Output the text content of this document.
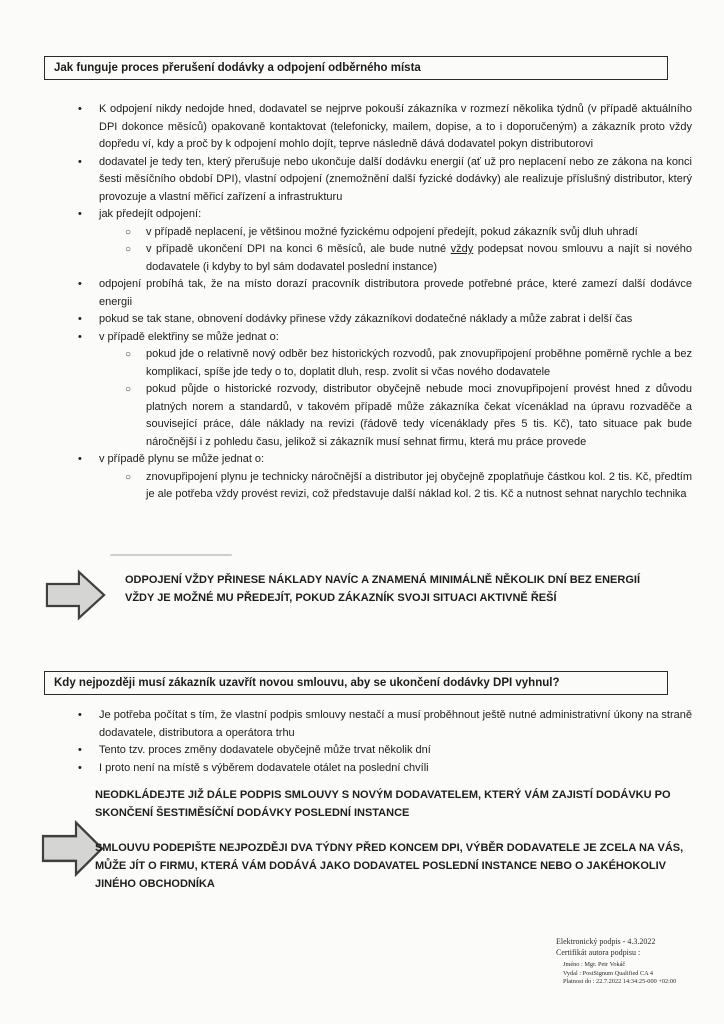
Jak funguje proces přerušení dodávky a odpojení odběrného místa
•	K odpojení nikdy nedojde hned, dodavatel se nejprve pokouší zákazníka v rozmezí několika týdnů (v případě aktuálního DPI dokonce měsíců) opakovaně kontaktovat (telefonicky, mailem, dopise, a to i doporučeným) a zákazník proto vždy dopředu ví, kdy a proč by k odpojení mohlo dojít, teprve následně dává dodavatel pokyn distributorovi
•	dodavatel je tedy ten, který přerušuje nebo ukončuje další dodávku energií (ať už pro neplacení nebo ze zákona na konci šesti měsíčního období DPI), vlastní odpojení (znemožnění další fyzické dodávky) ale realizuje příslušný distributor, který provozuje a vlastní měřicí zařízení a infrastrukturu
•	jak předejít odpojení:
○	v případě neplacení, je většinou možné fyzickému odpojení předejít, pokud zákazník svůj dluh uhradí
○	v případě ukončení DPI na konci 6 měsíců, ale bude nutné vždy podepsat novou smlouvu a najít si nového dodavatele (i kdyby to byl sám dodavatel poslední instance)
•	odpojení probíhá tak, že na místo dorazí pracovník distributora provede potřebné práce, které zamezí další dodávce energii
•	pokud se tak stane, obnovení dodávky přinese vždy zákazníkovi dodatečné náklady a může zabrat i delší čas
•	v případě elektřiny se může jednat o:
○	pokud jde o relativně nový odběr bez historických rozvodů, pak znovupřipojení proběhne poměrně rychle a bez komplikací, spíše jde tedy o to, doplatit dluh, resp. zvolit si včas nového dodavatele
○	pokud půjde o historické rozvody, distributor obyčejně nebude moci znovupřipojení provést hned z důvodu platných norem a standardů, v takovém případě může zákazníka čekat vícenáklad na úpravu rozvaděče a související práce, dále náklady na revizi (řádově tedy vícenáklady přes 5 tis. Kč), tato situace pak bude náročnější i z pohledu času, jelikož si zákazník musí sehnat firmu, která mu práce provede
•	v případě plynu se může jednat o:
○	znovupřipojení plynu je technicky náročnější a distributor jej obyčejně zpoplatňuje částkou kol. 2 tis. Kč, předtím je ale potřeba vždy provést revizi, což představuje další náklad kol. 2 tis. Kč a nutnost sehnat narychlo technika
ODPOJENÍ VŽDY PŘINESE NÁKLADY NAVÍC A ZNAMENÁ MINIMÁLNĚ NĚKOLIK DNÍ BEZ ENERGIÍ
VŽDY JE MOŽNÉ MU PŘEDEJÍT, POKUD ZÁKAZNÍK SVOJI SITUACI AKTIVNĚ ŘEŠÍ
Kdy nejpozději musí zákazník uzavřít novou smlouvu, aby se ukončení dodávky DPI vyhnul?
•	Je potřeba počítat s tím, že vlastní podpis smlouvy nestačí a musí proběhnout ještě nutné administrativní úkony na straně dodavatele, distributora a operátora trhu
•	Tento tzv. proces změny dodavatele obyčejně může trvat několik dní
•	I proto není na místě s výběrem dodavatele otálet na poslední chvíli
NEODKLÁDEJTE JIŽ DÁLE PODPIS SMLOUVY S NOVÝM DODAVATELEM, KTERÝ VÁM ZAJISTÍ DODÁVKU PO SKONČENÍ ŠESTIMĚSÍČNÍ DODÁVKY POSLEDNÍ INSTANCE
SMLOUVU PODEPIŠTE NEJPOZDĚJI DVA TÝDNY PŘED KONCEM DPI, VÝBĚR DODAVATELE JE ZCELA NA VÁS, MŮŽE JÍT O FIRMU, KTERÁ VÁM DODÁVÁ JAKO DODAVATEL POSLEDNÍ INSTANCE NEBO O JAKÉHOKOLIV JINÉHO OBCHODNÍKA
Elektronický podpis - 4.3.2022
Certifikát autora podpisu :
Jméno : Mgr. Petr Vokáč
Vydal : PostSignum Qualified CA 4
Platnost do : 22.7.2022 14:34:25-000 +02:00
